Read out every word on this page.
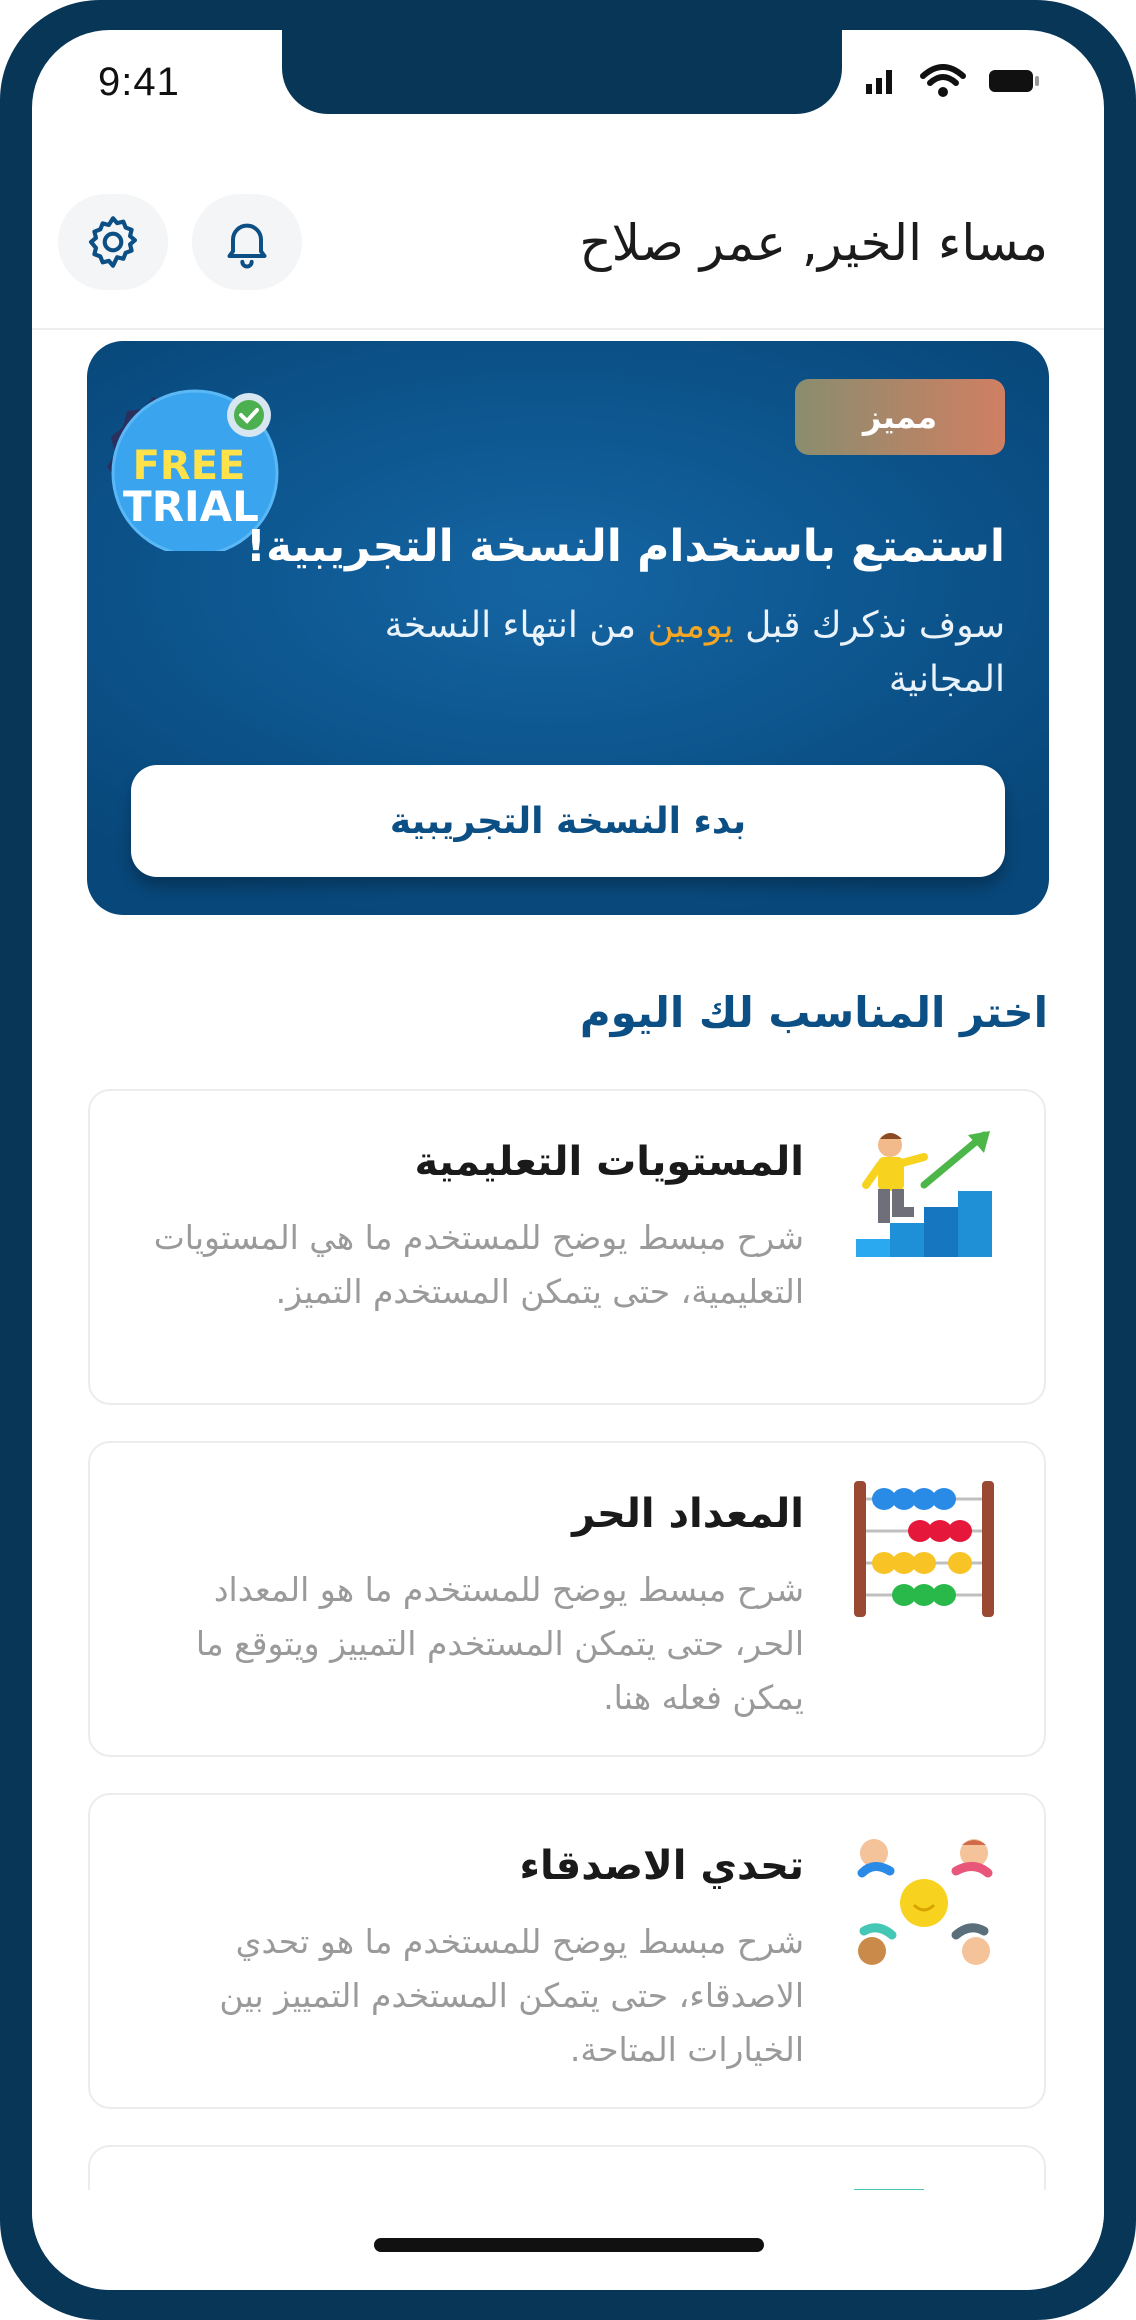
9:41
مساء الخير, عمر صلاح
FREE
TRIAL
مميز
استمتع باستخدام النسخة التجريبية!
سوف نذكرك قبل يومين من انتهاء النسخة المجانية
بدء النسخة التجريبية
اختر المناسب لك اليوم
المستويات التعليمية
شرح مبسط يوضح للمستخدم ما هي المستويات التعليمية، حتى يتمكن المستخدم التميز.
المعداد الحر
شرح مبسط يوضح للمستخدم ما هو المعداد الحر، حتى يتمكن المستخدم التمييز ويتوقع ما يمكن فعله هنا.
تحدي الاصدقاء
شرح مبسط يوضح للمستخدم ما هو تحدي الاصدقاء، حتى يتمكن المستخدم التمييز بين الخيارات المتاحة.
